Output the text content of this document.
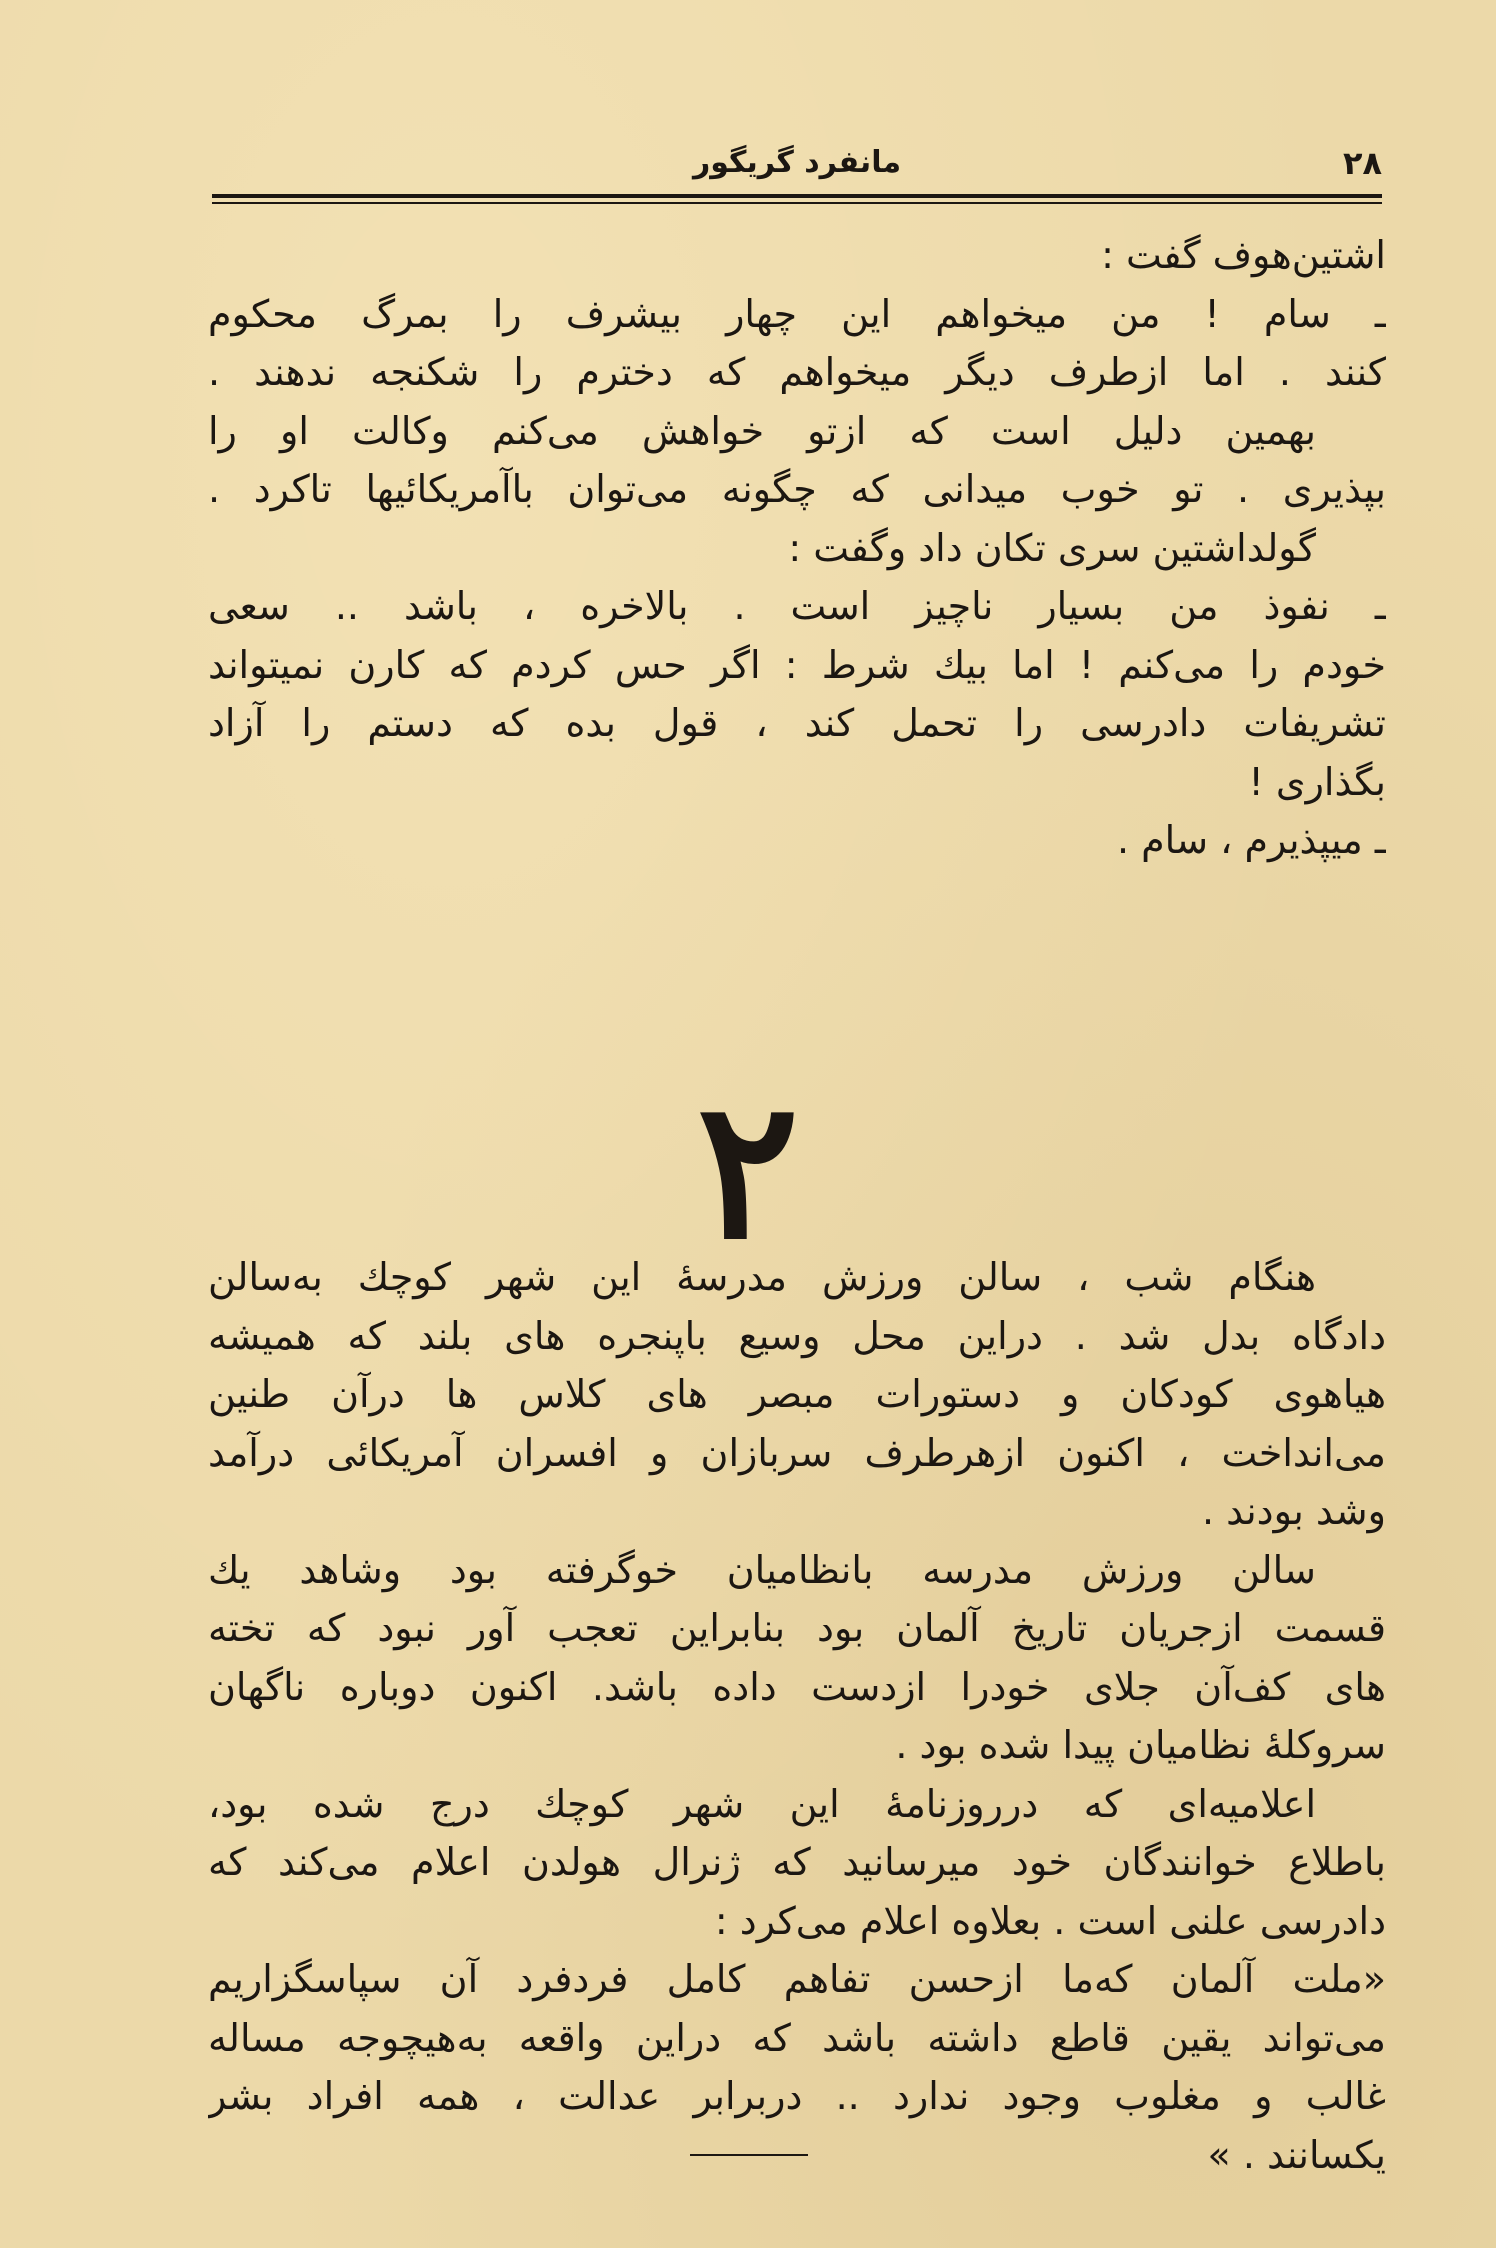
۲۸
مانفرد گریگور
اشتین‌هوف گفت :
ـ سام ! من میخواهم این چهار بیشرف را بمرگ محکوم
کنند . اما ازطرف دیگر میخواهم که دخترم را شکنجه ندهند .
بهمین دلیل است که ازتو خواهش می‌کنم وکالت او را
بپذیری . تو خوب میدانی که چگونه می‌توان باآمریکائیها تاکرد .
گولداشتین سری تکان داد وگفت :
ـ نفوذ من بسیار ناچیز است . بالاخره ، باشد .. سعی
خودم را می‌کنم ! اما بیك شرط : اگر حس کردم که کارن نمیتواند
تشریفات دادرسی را تحمل کند ، قول بده که دستم را آزاد
بگذاری !
ـ میپذیرم ، سام .
۲
هنگام شب ، سالن ورزش مدرسهٔ این شهر کوچك به‌سالن
دادگاه بدل شد . دراین محل وسیع باپنجره های بلند که همیشه
هیاهوی کودکان و دستورات مبصر های کلاس ها درآن طنین
می‌انداخت ، اکنون ازهرطرف سربازان و افسران آمریکائی درآمد
وشد بودند .
سالن ورزش مدرسه بانظامیان خوگرفته بود وشاهد یك
قسمت ازجریان تاریخ آلمان بود بنابراین تعجب آور نبود که تخته
های کف‌آن جلای خودرا ازدست داده باشد. اکنون دوباره ناگهان
سروکلهٔ نظامیان پیدا شده بود .
اعلامیه‌ای که درروزنامهٔ این شهر کوچك درج شده بود،
باطلاع خوانندگان خود میرسانید که ژنرال هولدن اعلام می‌کند که
دادرسی علنی است . بعلاوه اعلام می‌کرد :
«ملت آلمان که‌ما ازحسن تفاهم کامل فردفرد آن سپاسگزاریم
می‌تواند یقین قاطع داشته باشد که دراین واقعه به‌هیچوجه مساله
غالب و مغلوب وجود ندارد .. دربرابر عدالت ، همه افراد بشر
یکسانند . »
